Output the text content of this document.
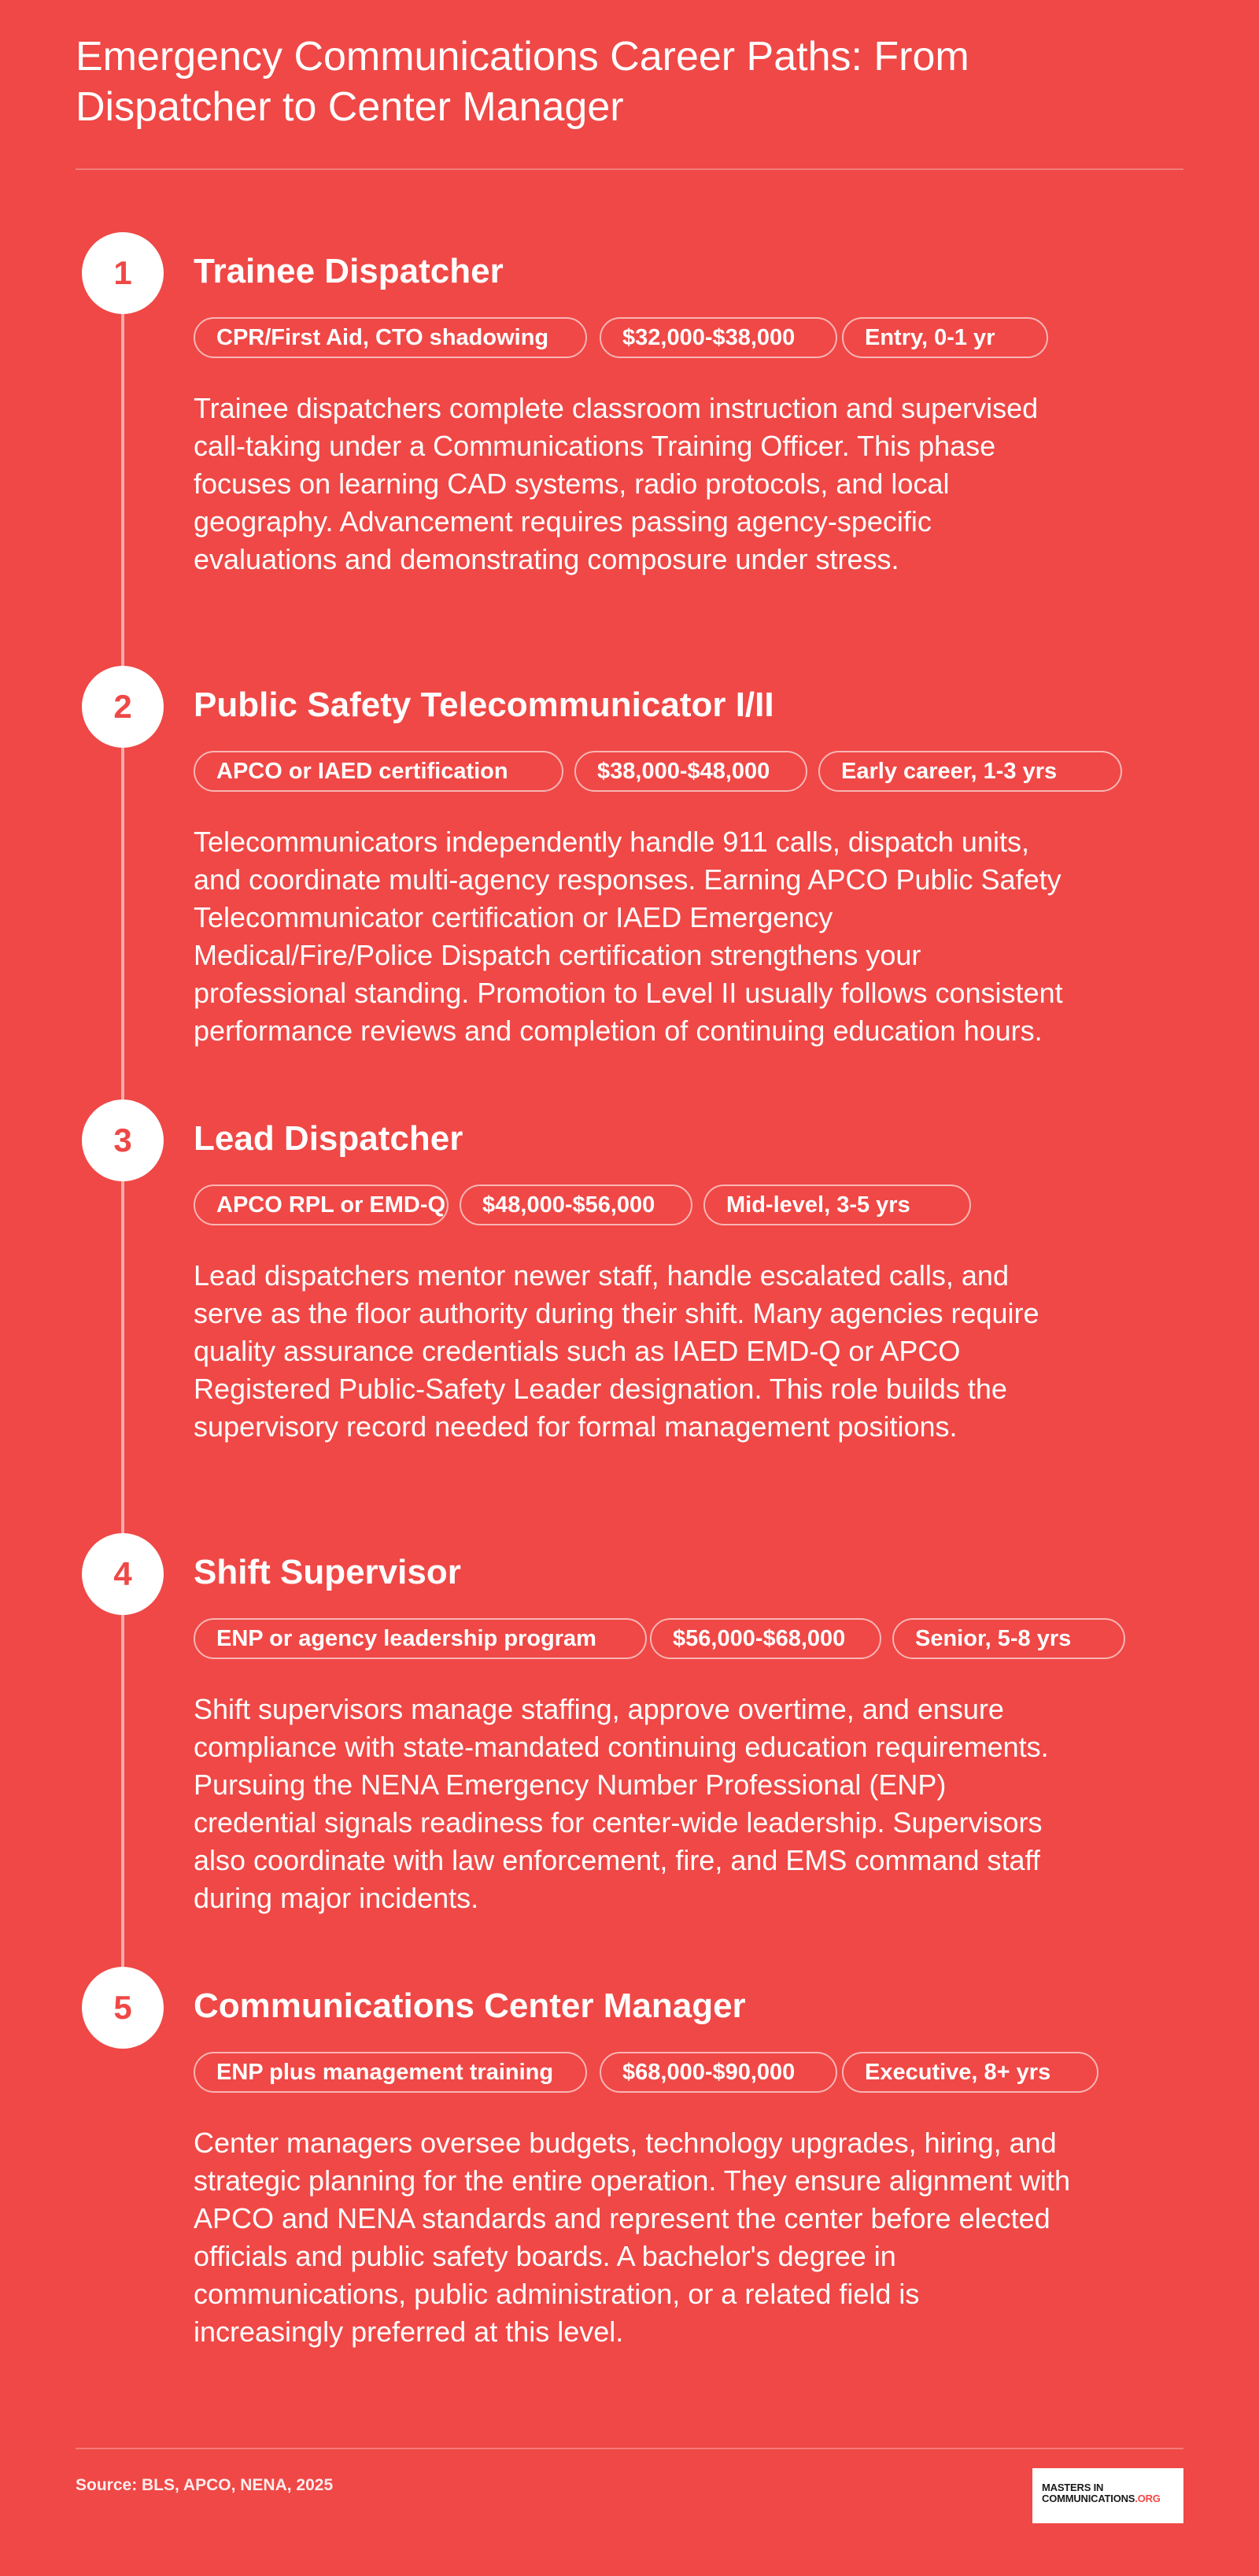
Emergency Communications Career Paths: From Dispatcher to Center Manager
1	Trainee Dispatcher
CPR/First Aid, CTO shadowing	$32,000-$38,000	Entry, 0-1 yr

Trainee dispatchers complete classroom instruction and supervised call-taking under a Communications Training Officer. This phase focuses on learning CAD systems, radio protocols, and local geography. Advancement requires passing agency-specific evaluations and demonstrating composure under stress.

2	Public Safety Telecommunicator I/II
APCO or IAED certification	$38,000-$48,000	Early career, 1-3 yrs

Telecommunicators independently handle 911 calls, dispatch units, and coordinate multi-agency responses. Earning APCO Public Safety Telecommunicator certification or IAED Emergency Medical/Fire/Police Dispatch certification strengthens your professional standing. Promotion to Level II usually follows consistent performance reviews and completion of continuing education hours.

3	Lead Dispatcher
APCO RPL or EMD-Q	$48,000-$56,000	Mid-level, 3-5 yrs

Lead dispatchers mentor newer staff, handle escalated calls, and serve as the floor authority during their shift. Many agencies require quality assurance credentials such as IAED EMD-Q or APCO Registered Public-Safety Leader designation. This role builds the supervisory record needed for formal management positions.

4	Shift Supervisor
ENP or agency leadership program	$56,000-$68,000	Senior, 5-8 yrs

Shift supervisors manage staffing, approve overtime, and ensure compliance with state-mandated continuing education requirements. Pursuing the NENA Emergency Number Professional (ENP) credential signals readiness for center-wide leadership. Supervisors also coordinate with law enforcement, fire, and EMS command staff during major incidents.

5	Communications Center Manager
ENP plus management training	$68,000-$90,000	Executive, 8+ yrs

Center managers oversee budgets, technology upgrades, hiring, and strategic planning for the entire operation. They ensure alignment with APCO and NENA standards and represent the center before elected officials and public safety boards. A bachelor's degree in communications, public administration, or a related field is increasingly preferred at this level.

Source: BLS, APCO, NENA, 2025	MASTERS IN
COMMUNICATIONS.ORG
